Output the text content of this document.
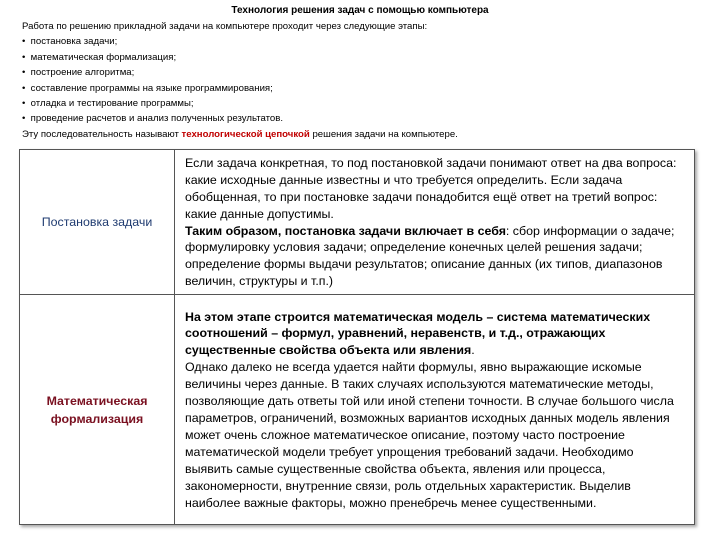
Технология решения задач с помощью компьютера
Работа по решению прикладной задачи на компьютере проходит через следующие этапы:
• постановка задачи;
• математическая формализация;
• построение алгоритма;
• составление программы на языке программирования;
• отладка и тестирование программы;
• проведение расчетов и анализ полученных результатов.
Эту последовательность называют технологической цепочкой решения задачи на компьютере.
Постановка задачи	Если задача конкретная, то под постановкой задачи понимают ответ на два вопроса: какие исходные данные известны и что требуется определить. Если задача обобщенная, то при постановке задачи понадобится ещё ответ на третий вопрос: какие данные допустимы.
Таким образом, постановка задачи включает в себя: сбор информации о задаче; формулировку условия задачи; определение конечных целей решения задачи; определение формы выдачи результатов; описание данных (их типов, диапазонов величин, структуры и т.п.)

Математическая формализация	На этом этапе строится математическая модель – система математических соотношений – формул, уравнений, неравенств, и т.д., отражающих существенные свойства объекта или явления.
Однако далеко не всегда удается найти формулы, явно выражающие искомые величины через данные. В таких случаях используются математические методы, позволяющие дать ответы той или иной степени точности. В случае большого числа параметров, ограничений, возможных вариантов исходных данных модель явления может очень сложное математическое описание, поэтому часто построение математической модели требует упрощения требований задачи. Необходимо выявить самые существенные свойства объекта, явления или процесса, закономерности, внутренние связи, роль отдельных характеристик. Выделив наиболее важные факторы, можно пренебречь менее существенными.
